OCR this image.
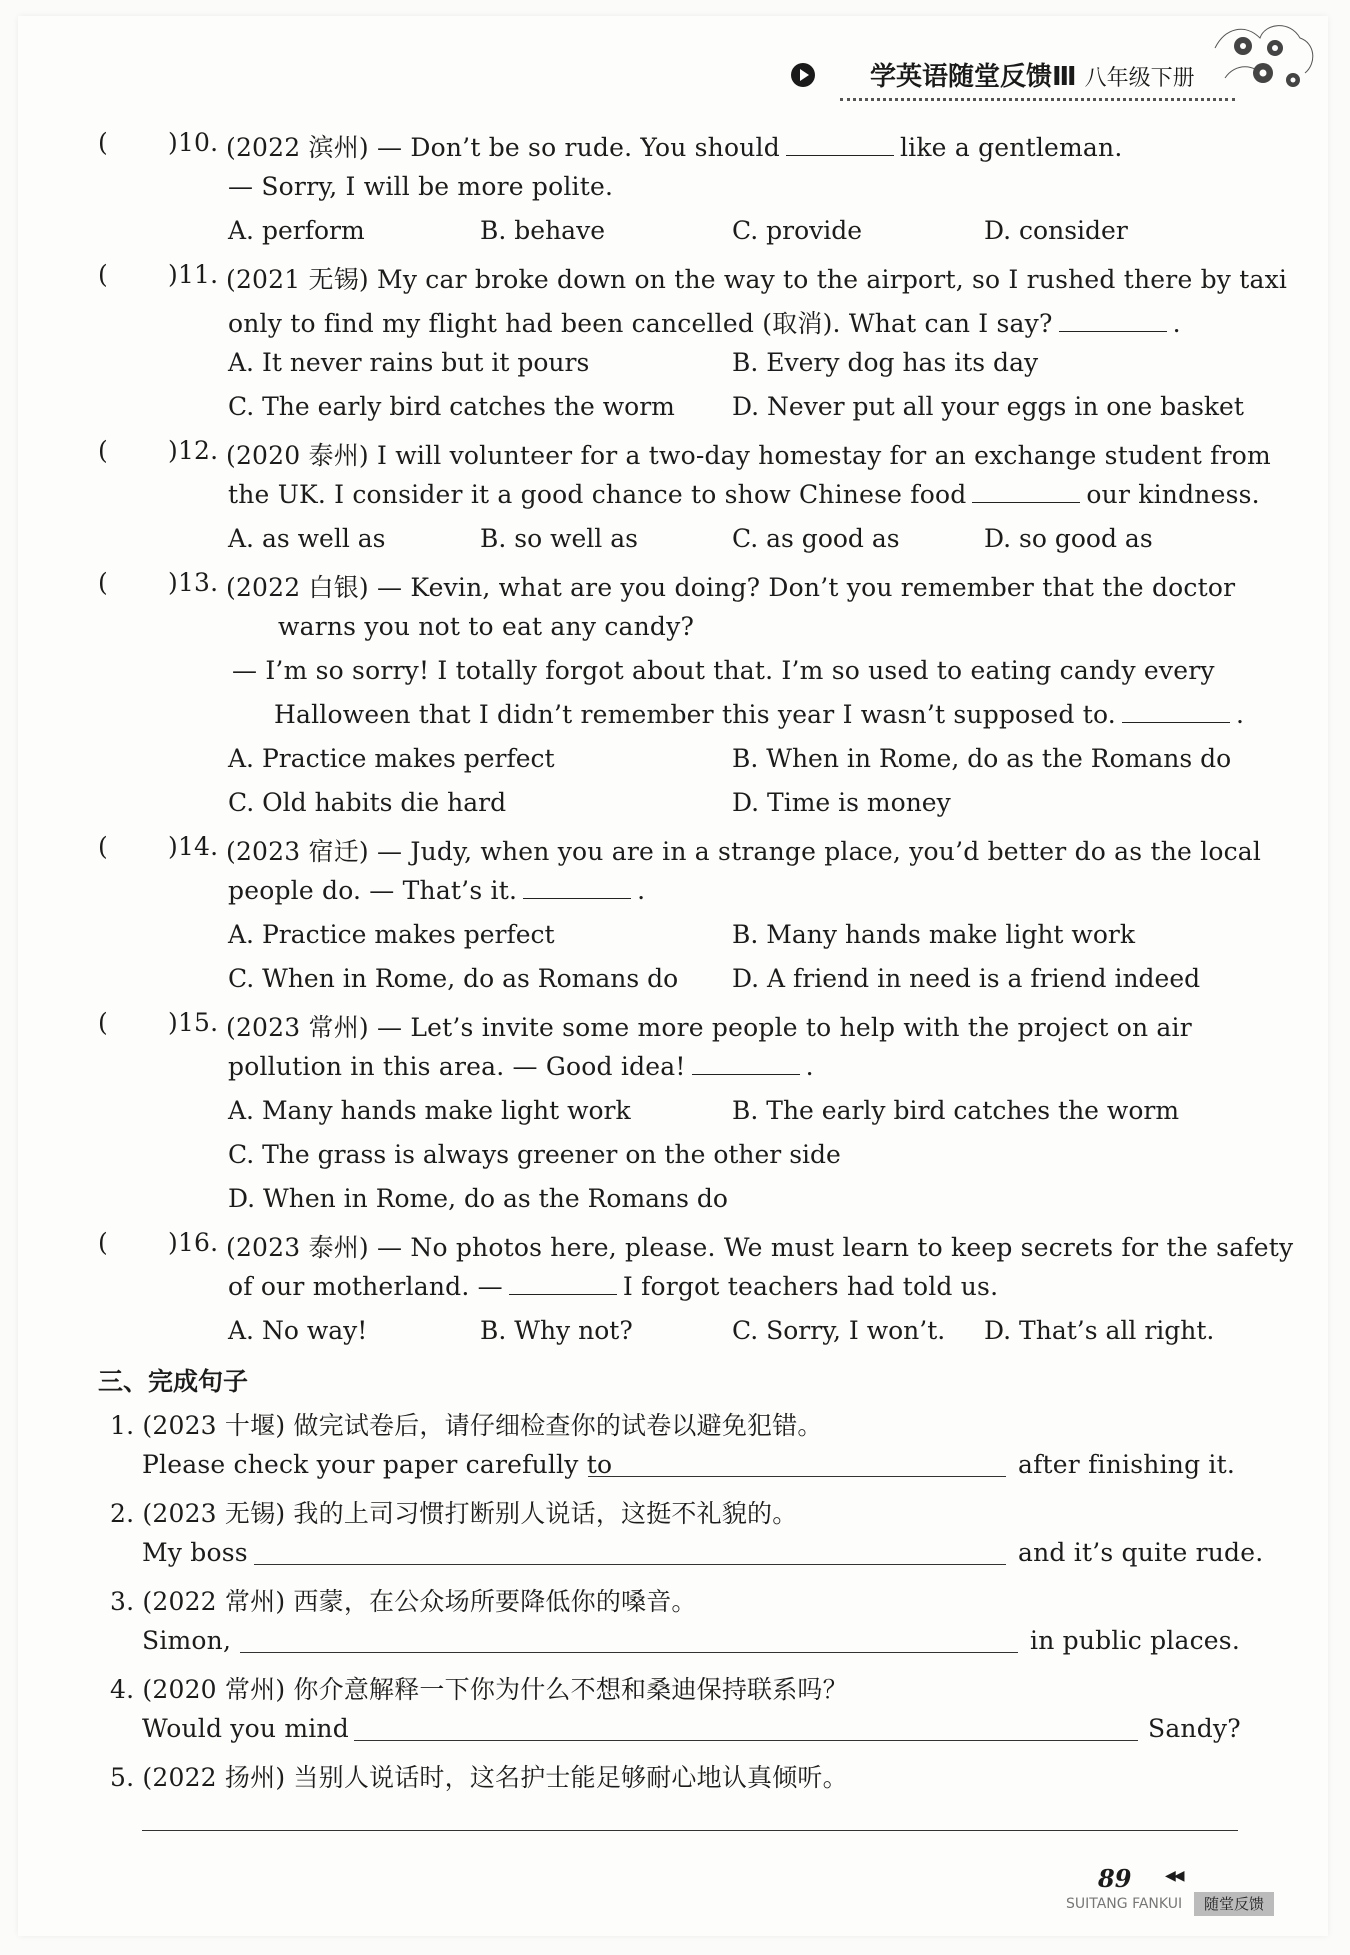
学英语随堂反馈Ⅲ 八年级下册
( )10. (2022 滨州) — Don’t be so rude. You should	like a gentleman.
— Sorry, I will be more polite.
A. perform	B. behave	C. provide	D. consider
( )11. (2021 无锡) My car broke down on the way to the airport, so I rushed there by taxi
only to find my flight had been cancelled (取消). What can I say?	.
A. It never rains but it pours	B. Every dog has its day
C. The early bird catches the worm D. Never put all your eggs in one basket
( )12. (2020 泰州) I will volunteer for a two-day homestay for an exchange student from
the UK. I consider it a good chance to show Chinese food	our kindness.
A. as well as	B. so well as	C. as good as	D. so good as
( )13. (2022 白银) — Kevin, what are you doing? Don’t you remember that the doctor
warns you not to eat any candy?
— I’m so sorry! I totally forgot about that. I’m so used to eating candy every
Halloween that I didn’t remember this year I wasn’t supposed to.	.
A. Practice makes perfect	B. When in Rome, do as the Romans do
C. Old habits die hard	D. Time is money
( )14. (2023 宿迁) — Judy, when you are in a strange place, you’d better do as the local
people do. — That’s it.	.
A. Practice makes perfect	B. Many hands make light work
C. When in Rome, do as Romans do D. A friend in need is a friend indeed
( )15. (2023 常州) — Let’s invite some more people to help with the project on air
pollution in this area. — Good idea!	.
A. Many hands make light work	B. The early bird catches the worm
C. The grass is always greener on the other side
D. When in Rome, do as the Romans do
( )16. (2023 泰州) — No photos here, please. We must learn to keep secrets for the safety
of our motherland. —	I forgot teachers had told us.
A. No way!	B. Why not?	C. Sorry, I won’t. D. That’s all right.
三、完成句子
1. (2023 十堰) 做完试卷后，请仔细检查你的试卷以避免犯错。
Please check your paper carefully to	after finishing it.
2. (2023 无锡) 我的上司习惯打断别人说话，这挺不礼貌的。
My boss	and it’s quite rude.
3. (2022 常州) 西蒙，在公众场所要降低你的嗓音。
Simon,	in public places.
4. (2020 常州) 你介意解释一下你为什么不想和桑迪保持联系吗？
Would you mind	Sandy?
5. (2022 扬州) 当别人说话时，这名护士能足够耐心地认真倾听。
89 ◀◀
SUITANG FANKUI	随堂反馈
